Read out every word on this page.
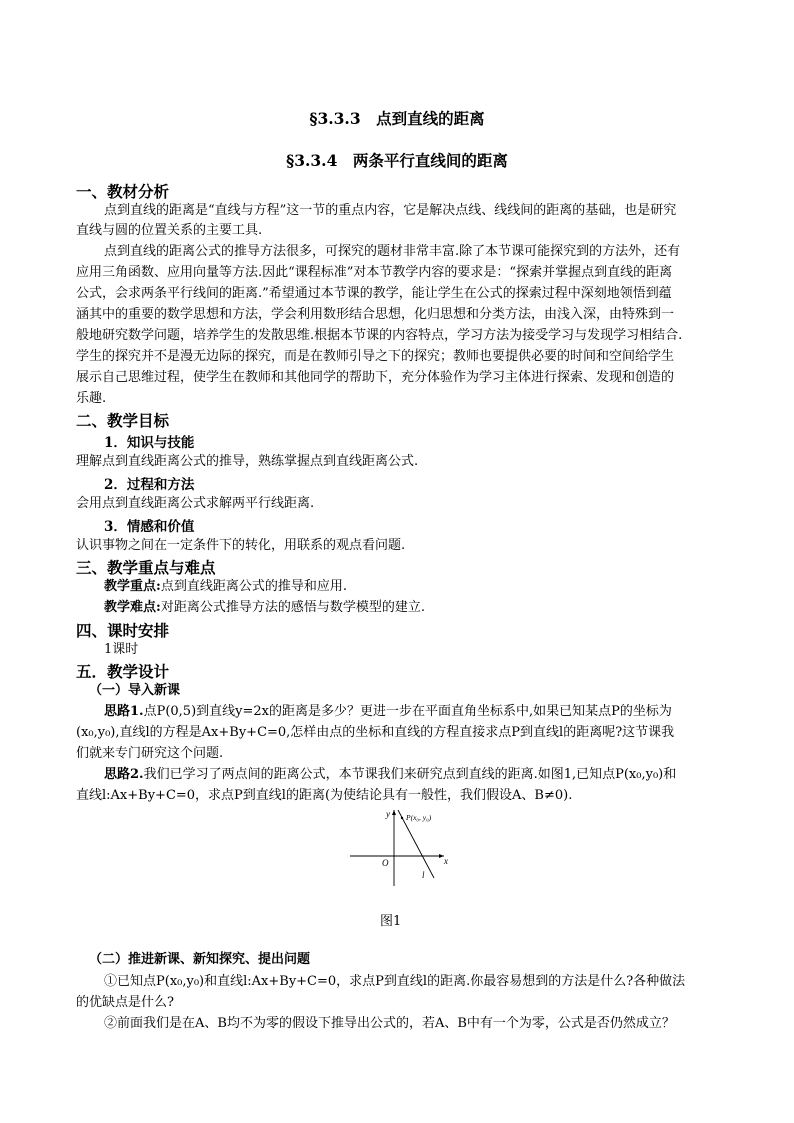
§3.3.3　点到直线的距离
§3.3.4　两条平行直线间的距离
一、教材分析
点到直线的距离是“直线与方程”这一节的重点内容，它是解决点线、线线间的距离的基础，也是研究
直线与圆的位置关系的主要工具.
点到直线的距离公式的推导方法很多，可探究的题材非常丰富.除了本节课可能探究到的方法外，还有
应用三角函数、应用向量等方法.因此“课程标准”对本节教学内容的要求是：“探索并掌握点到直线的距离
公式，会求两条平行线间的距离.”希望通过本节课的教学，能让学生在公式的探索过程中深刻地领悟到蕴
涵其中的重要的数学思想和方法，学会利用数形结合思想，化归思想和分类方法，由浅入深，由特殊到一
般地研究数学问题，培养学生的发散思维.根据本节课的内容特点，学习方法为接受学习与发现学习相结合.
学生的探究并不是漫无边际的探究，而是在教师引导之下的探究；教师也要提供必要的时间和空间给学生
展示自己思维过程，使学生在教师和其他同学的帮助下，充分体验作为学习主体进行探索、发现和创造的
乐趣.
二、教学目标
1．知识与技能
理解点到直线距离公式的推导，熟练掌握点到直线距离公式.
2．过程和方法
会用点到直线距离公式求解两平行线距离.
3．情感和价值
认识事物之间在一定条件下的转化，用联系的观点看问题.
三、教学重点与难点
教学重点:点到直线距离公式的推导和应用.
教学难点:对距离公式推导方法的感悟与数学模型的建立.
四、课时安排
1课时
五．教学设计
（一）导入新课
思路1.点P(0,5)到直线y=2x的距离是多少？更进一步在平面直角坐标系中,如果已知某点P的坐标为
(x₀,y₀),直线l的方程是Ax+By+C=0,怎样由点的坐标和直线的方程直接求点P到直线l的距离呢?这节课我
们就来专门研究这个问题.
思路2.我们已学习了两点间的距离公式，本节课我们来研究点到直线的距离.如图1,已知点P(x₀,y₀)和
直线l:Ax+By+C=0，求点P到直线l的距离(为使结论具有一般性，我们假设A、B≠0).
y
x
O
l
P(x₀, y₀)
图1
（二）推进新课、新知探究、提出问题
①已知点P(x₀,y₀)和直线l:Ax+By+C=0，求点P到直线l的距离.你最容易想到的方法是什么?各种做法
的优缺点是什么?
②前面我们是在A、B均不为零的假设下推导出公式的，若A、B中有一个为零，公式是否仍然成立？
